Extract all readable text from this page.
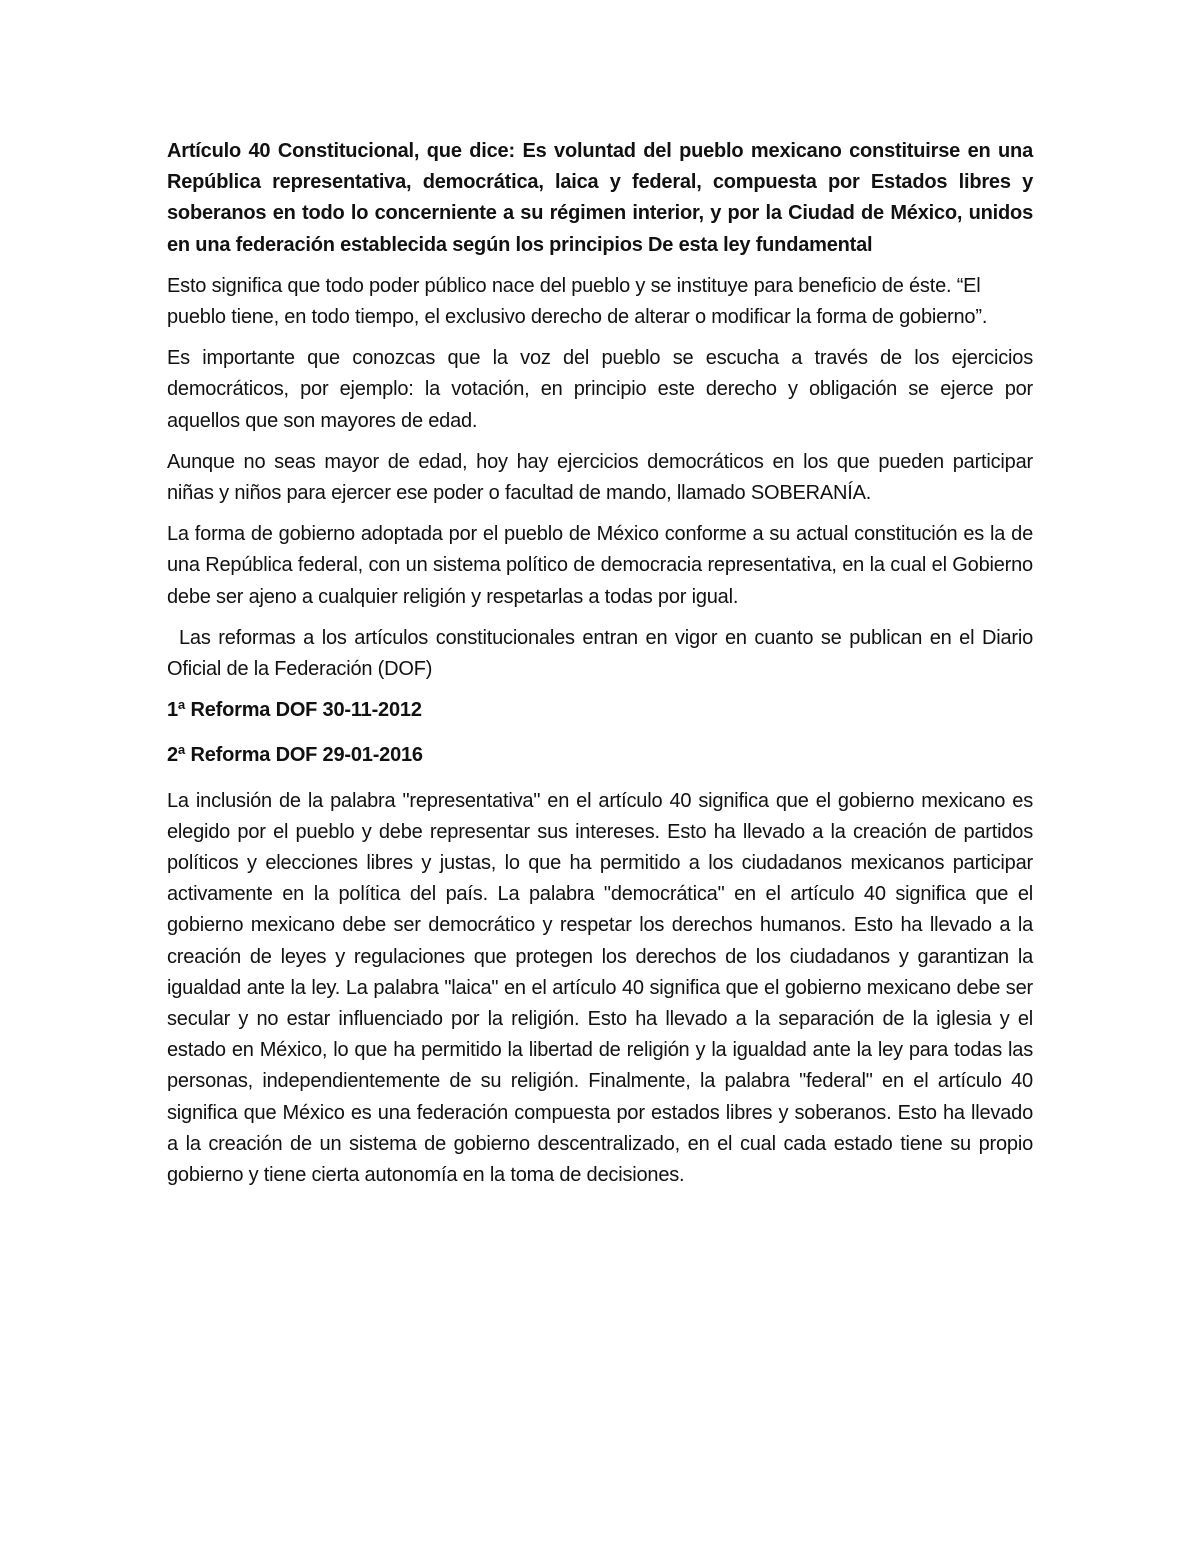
Artículo 40 Constitucional, que dice: Es voluntad del pueblo mexicano constituirse en una República representativa, democrática, laica y federal, compuesta por Estados libres y soberanos en todo lo concerniente a su régimen interior, y por la Ciudad de México, unidos en una federación establecida según los principios De esta ley fundamental

Esto significa que todo poder público nace del pueblo y se instituye para beneficio de éste. “El pueblo tiene, en todo tiempo, el exclusivo derecho de alterar o modificar la forma de gobierno”.

Es importante que conozcas que la voz del pueblo se escucha a través de los ejercicios democráticos, por ejemplo: la votación, en principio este derecho y obligación se ejerce por aquellos que son mayores de edad.

Aunque no seas mayor de edad, hoy hay ejercicios democráticos en los que pueden participar niñas y niños para ejercer ese poder o facultad de mando, llamado SOBERANÍA.

La forma de gobierno adoptada por el pueblo de México conforme a su actual constitución es la de una República federal, con un sistema político de democracia representativa, en la cual el Gobierno debe ser ajeno a cualquier religión y respetarlas a todas por igual.

Las reformas a los artículos constitucionales entran en vigor en cuanto se publican en el Diario Oficial de la Federación (DOF)

1ª Reforma DOF 30-11-2012

2ª Reforma DOF 29-01-2016

La inclusión de la palabra "representativa" en el artículo 40 significa que el gobierno mexicano es elegido por el pueblo y debe representar sus intereses. Esto ha llevado a la creación de partidos políticos y elecciones libres y justas, lo que ha permitido a los ciudadanos mexicanos participar activamente en la política del país. La palabra "democrática" en el artículo 40 significa que el gobierno mexicano debe ser democrático y respetar los derechos humanos. Esto ha llevado a la creación de leyes y regulaciones que protegen los derechos de los ciudadanos y garantizan la igualdad ante la ley. La palabra "laica" en el artículo 40 significa que el gobierno mexicano debe ser secular y no estar influenciado por la religión. Esto ha llevado a la separación de la iglesia y el estado en México, lo que ha permitido la libertad de religión y la igualdad ante la ley para todas las personas, independientemente de su religión. Finalmente, la palabra "federal" en el artículo 40 significa que México es una federación compuesta por estados libres y soberanos. Esto ha llevado a la creación de un sistema de gobierno descentralizado, en el cual cada estado tiene su propio gobierno y tiene cierta autonomía en la toma de decisiones.
